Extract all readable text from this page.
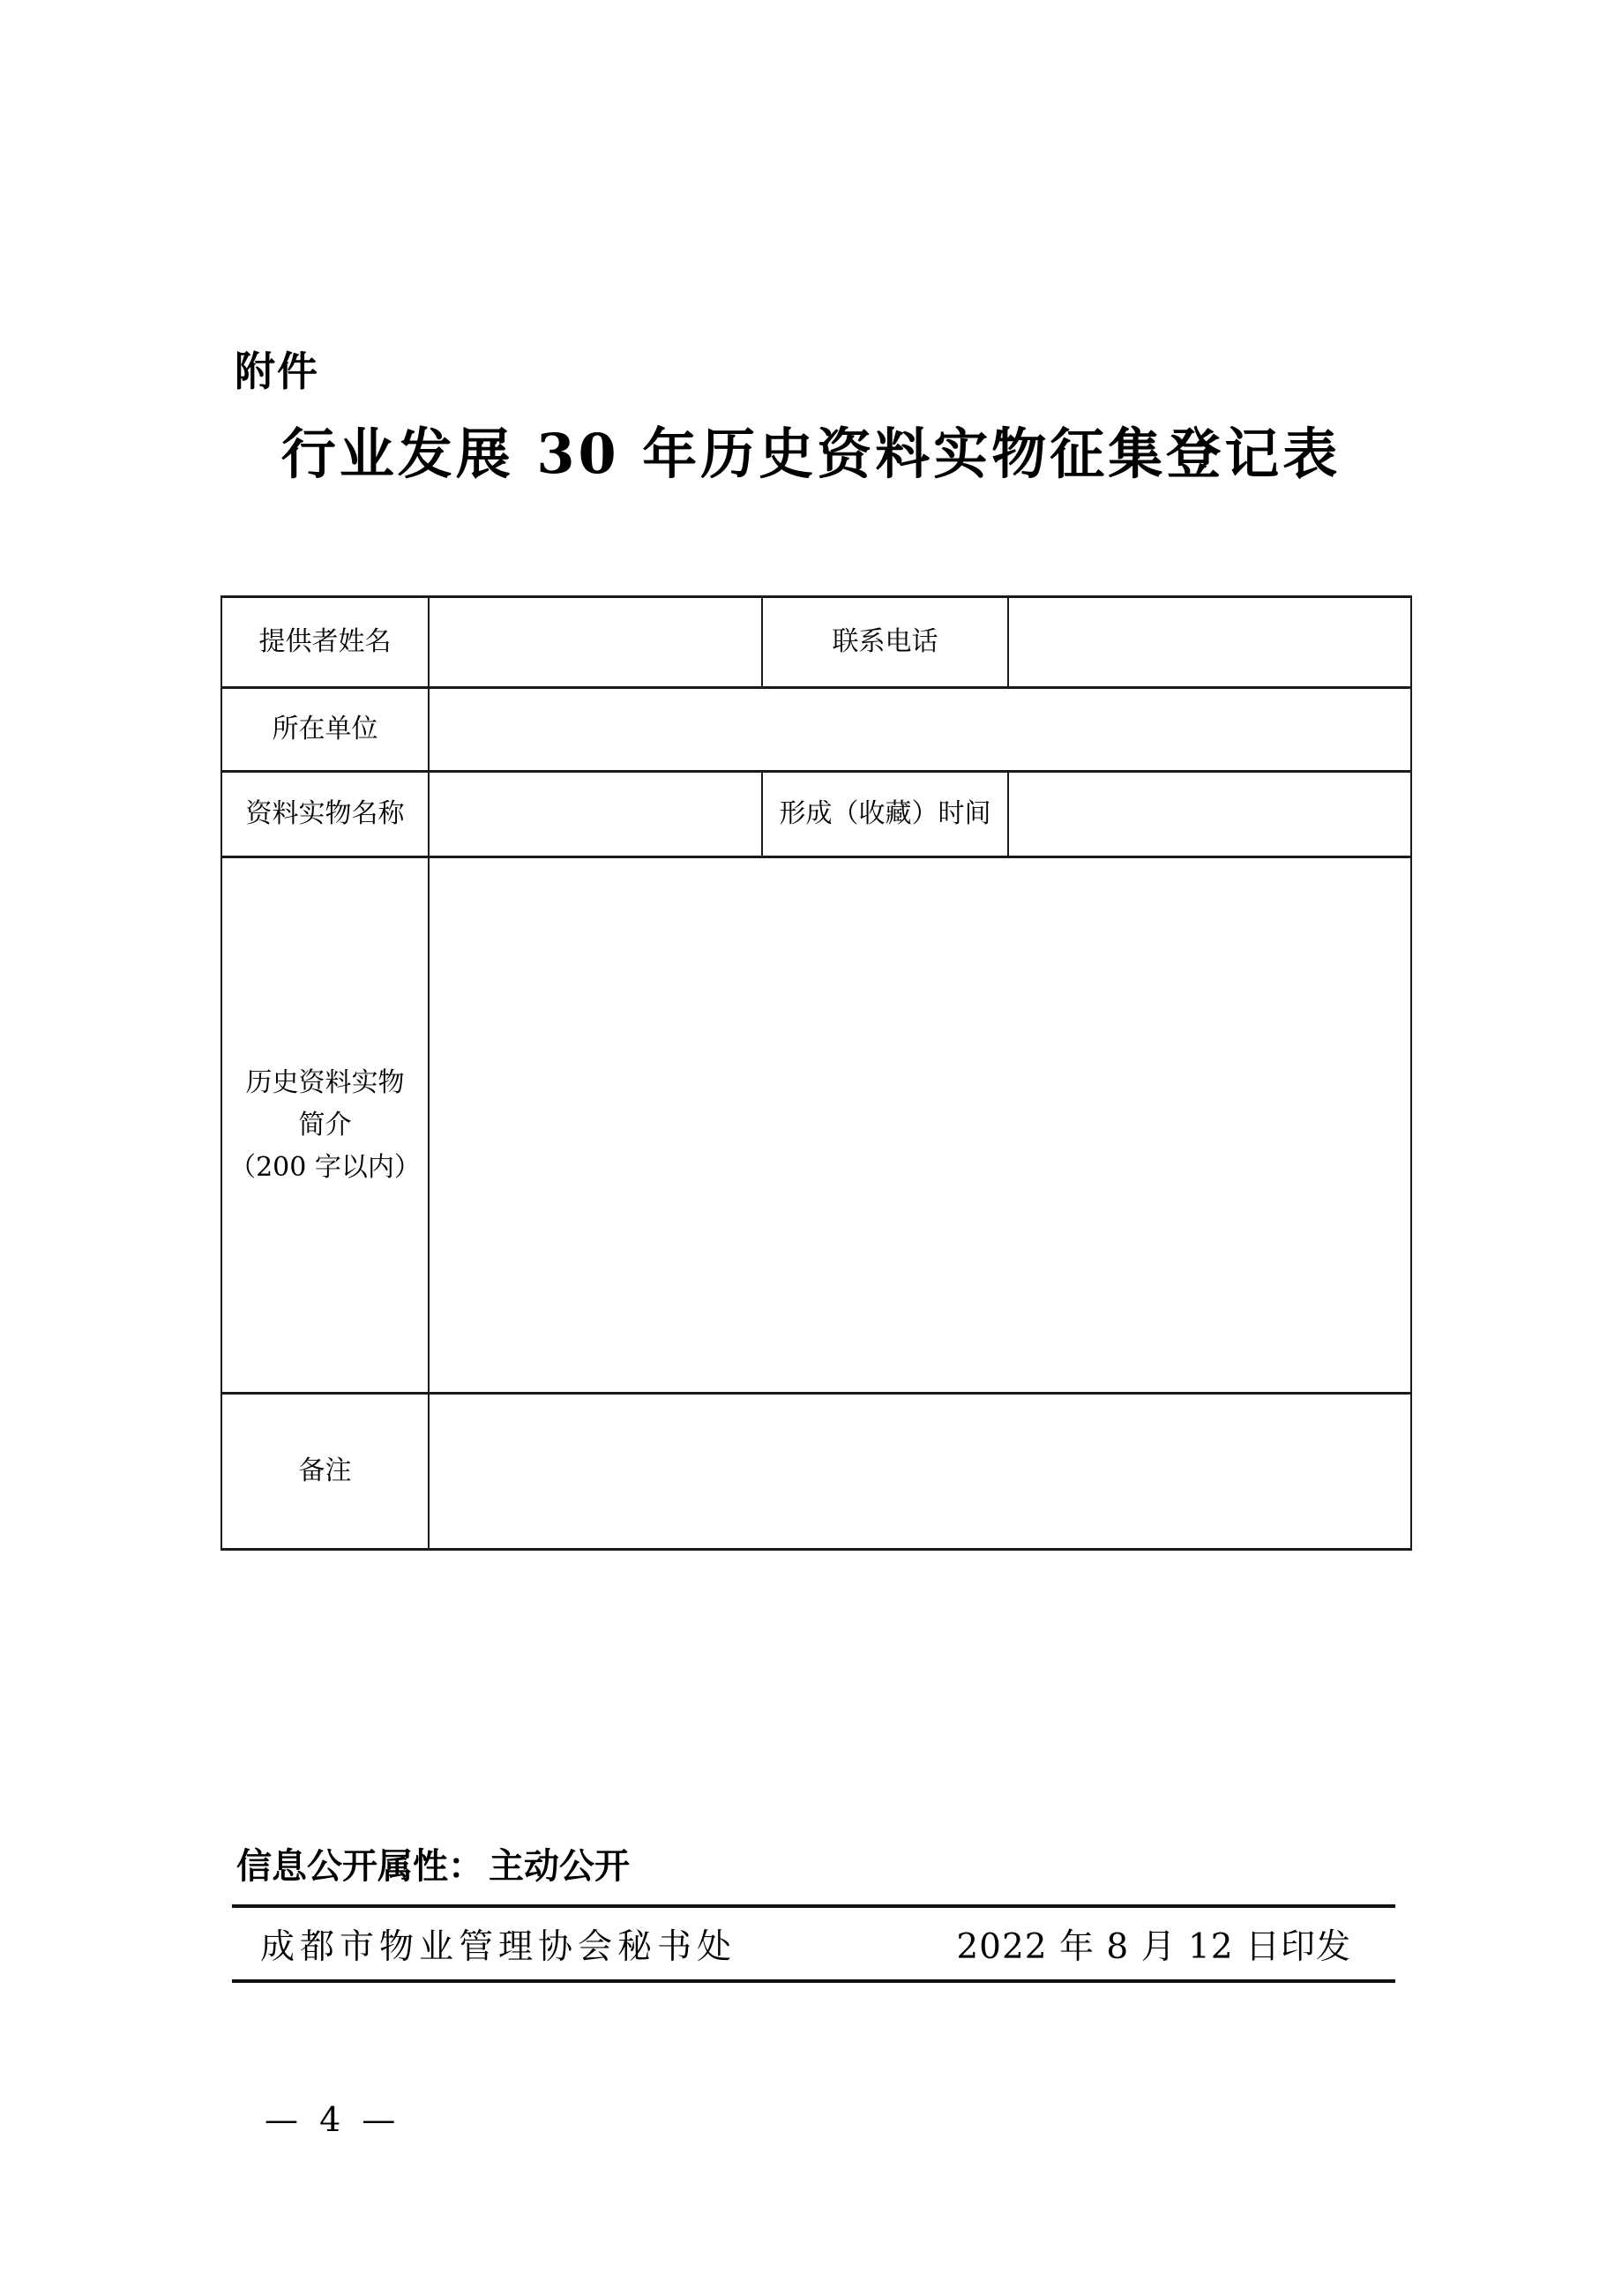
附件
行业发展 30 年历史资料实物征集登记表
提供者姓名		联系电话	
所在单位			
资料实物名称		形成（收藏）时间	

历史资料实物
简介
（200 字以内）			

备注			
信息公开属性： 主动公开
成都市物业管理协会秘书处	2022 年 8 月 12 日印发
— 4 —
